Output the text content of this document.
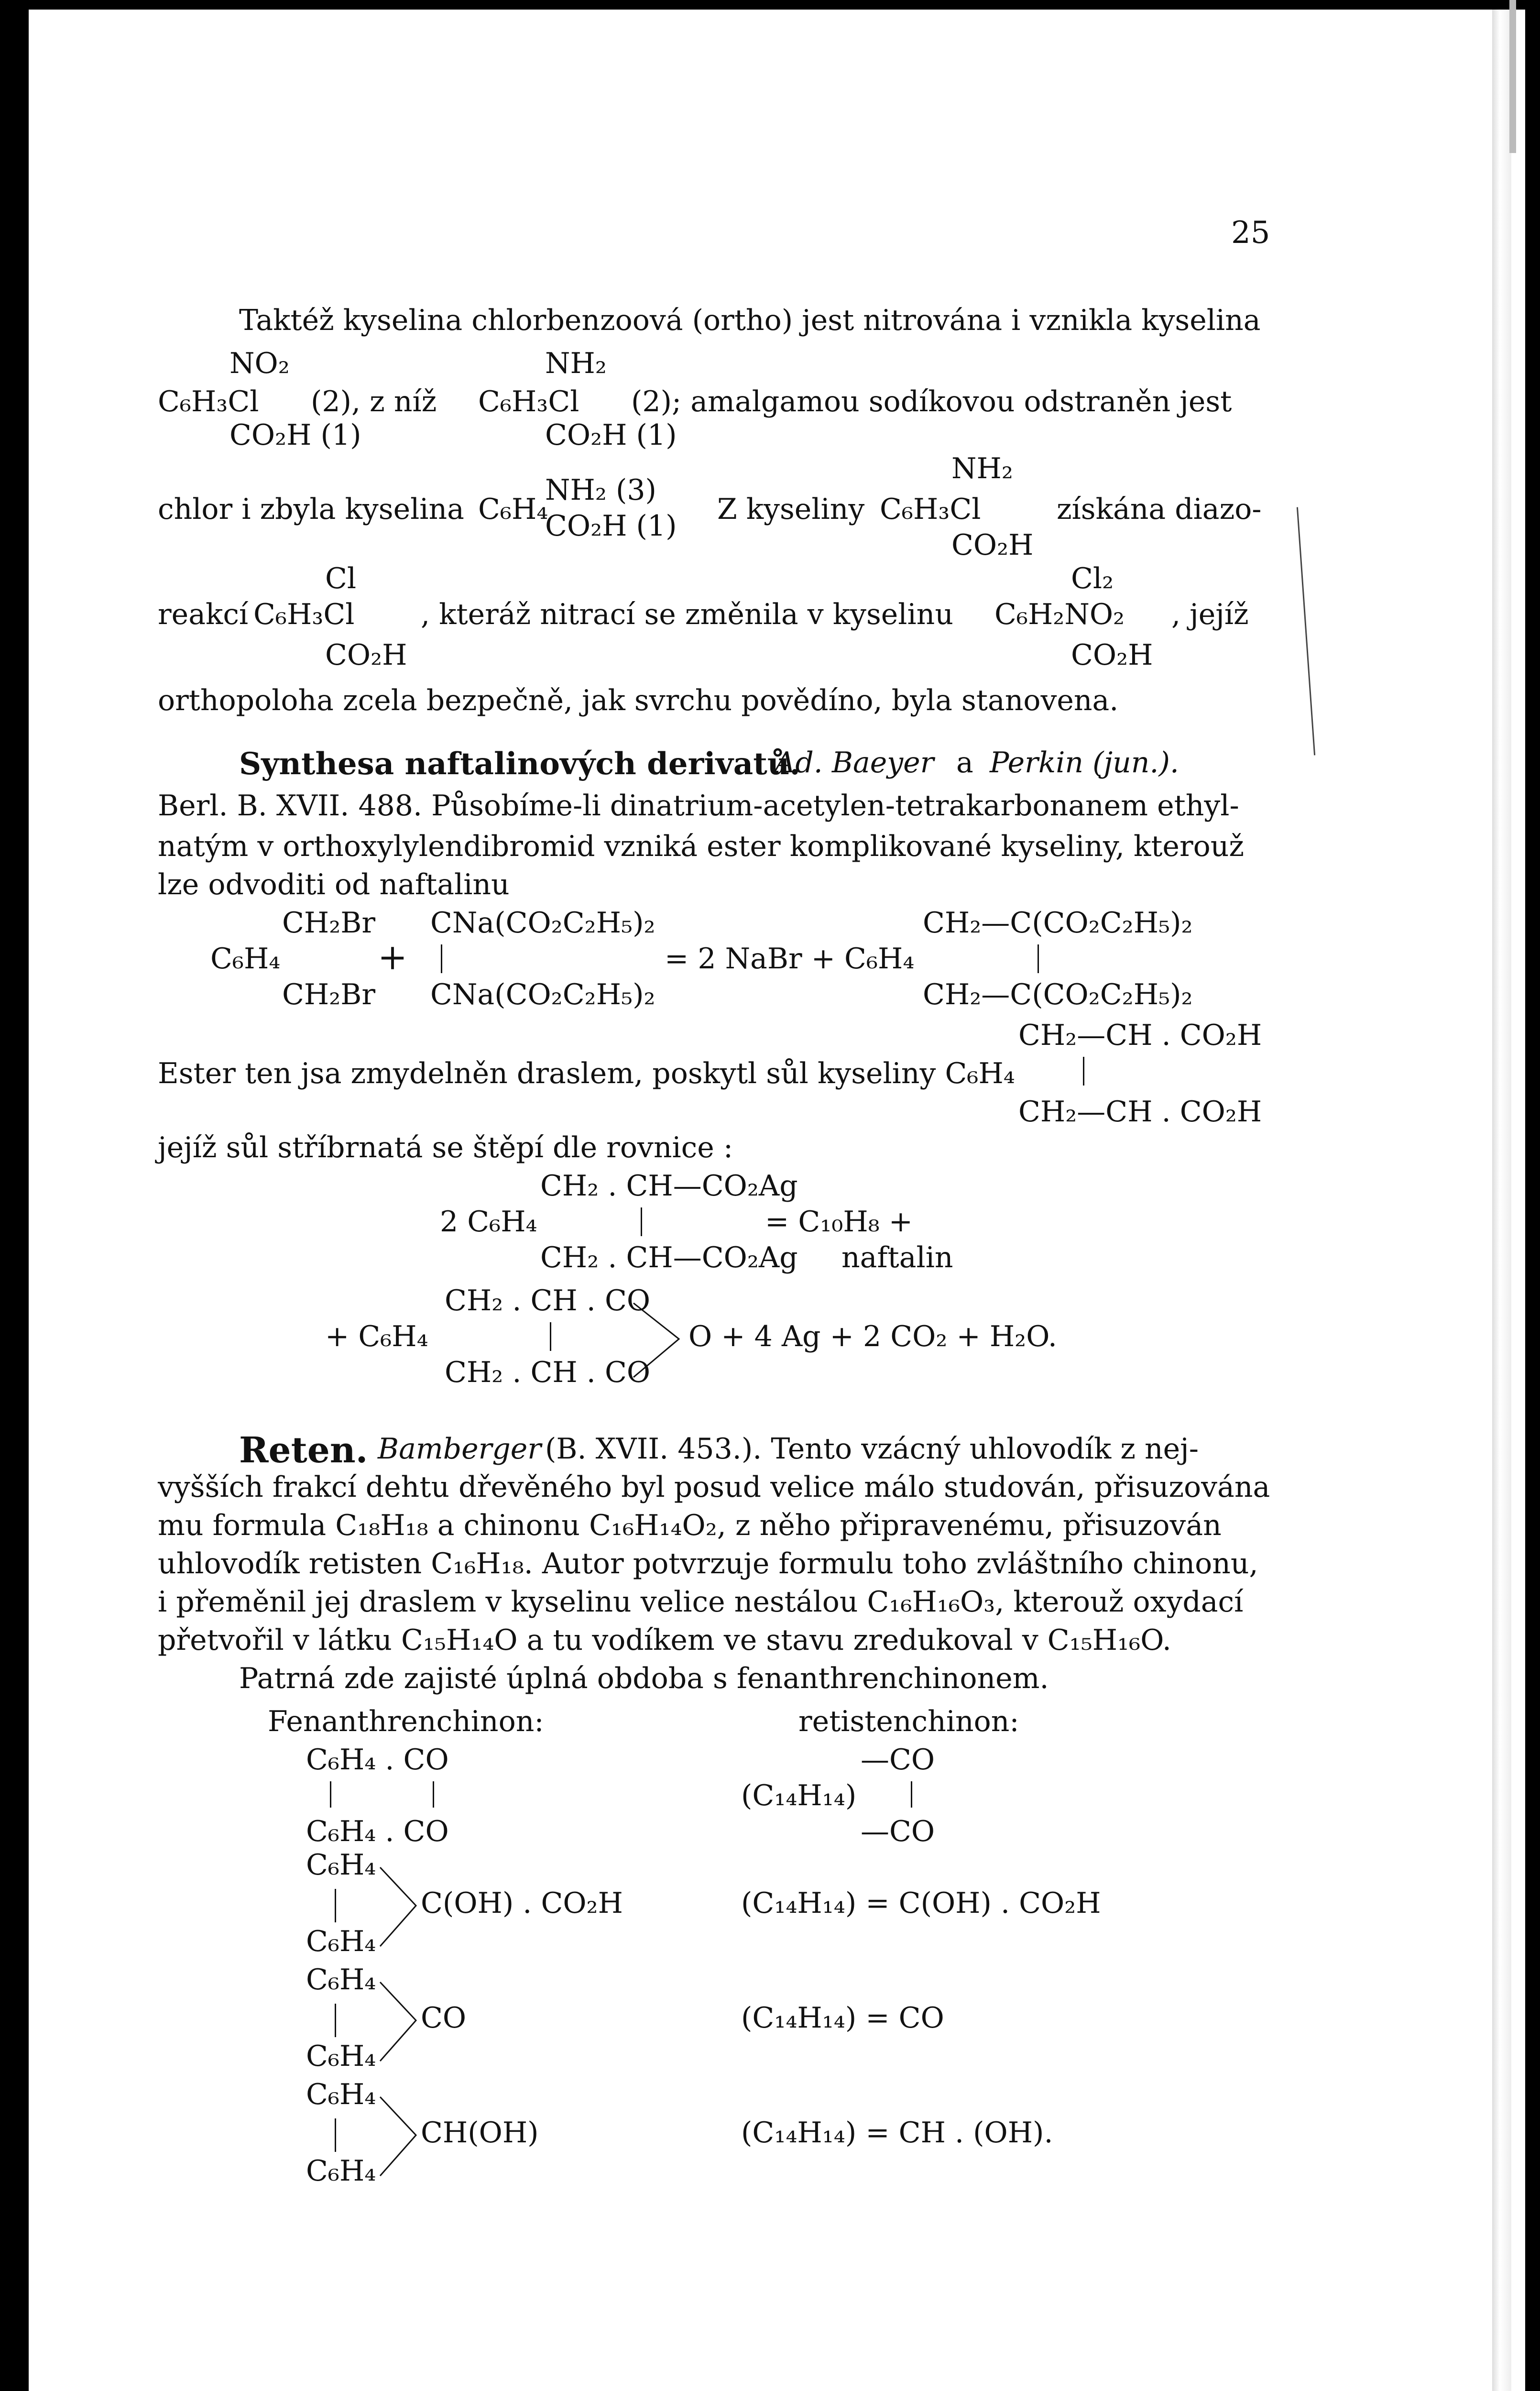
25
Taktéž kyselina chlorbenzoová (ortho) jest nitrována i vznikla kyselina
NO₂	NH₂
C₆H₃Cl (2), z níž C₆H₃Cl (2); amalgamou sodíkovou odstraněn jest
CO₂H (1)	CO₂H (1)
NH₂
NH₂ (3)
chlor i zbyla kyselina C₆H₄
CO₂H (1) Z kyseliny C₆H₃Cl	získána diazo-
CO₂H
Cl	Cl₂
reakcí C₆H₃Cl , kteráž nitrací se změnila v kyselinu C₆H₂NO₂ , jejíž
CO₂H	CO₂H
orthopoloha zcela bezpečně, jak svrchu povědíno, byla stanovena.
Synthesa naftalinových derivatů.
Ad. Baeyer a Perkin (jun.).
Berl. B. XVII. 488. Působíme-li dinatrium-acetylen-tetrakarbonanem ethyl-
natým v orthoxylylendibromid vzniká ester komplikované kyseliny, kterouž
lze odvoditi od naftalinu
CH₂Br CNa(CO₂C₂H₅)₂	CH₂—C(CO₂C₂H₅)₂
C₆H₄	+	= 2 NaBr + C₆H₄
CH₂Br CNa(CO₂C₂H₅)₂	CH₂—C(CO₂C₂H₅)₂
CH₂—CH . CO₂H
Ester ten jsa zmydelněn draslem, poskytl sůl kyseliny C₆H₄
CH₂—CH . CO₂H
jejíž sůl stříbrnatá se štěpí dle rovnice :
CH₂ . CH—CO₂Ag
2 C₆H₄	= C₁₀H₈ +
CH₂ . CH—CO₂Ag naftalin
CH₂ . CH . CO
+ C₆H₄	O + 4 Ag + 2 CO₂ + H₂O.
CH₂ . CH . CO
Reten. Bamberger (B. XVII. 453.). Tento vzácný uhlovodík z nej-
vyšších frakcí dehtu dřevěného byl posud velice málo studován, přisuzována
mu formula C₁₈H₁₈ a chinonu C₁₆H₁₄O₂, z něho připravenému, přisuzován
uhlovodík retisten C₁₆H₁₈. Autor potvrzuje formulu toho zvláštního chinonu,
i přeměnil jej draslem v kyselinu velice nestálou C₁₆H₁₆O₃, kterouž oxydací
přetvořil v látku C₁₅H₁₄O a tu vodíkem ve stavu zredukoval v C₁₅H₁₆O.
Patrná zde zajisté úplná obdoba s fenanthrenchinonem.
Fenanthrenchinon:	retistenchinon:
C₆H₄ . CO
C₆H₄ . CO
—CO
(C₁₄H₁₄)
—CO
C₆H₄
C(OH) . CO₂H
C₆H₄
(C₁₄H₁₄) = C(OH) . CO₂H
C₆H₄
CO
C₆H₄
(C₁₄H₁₄) = CO
C₆H₄
CH(OH)
C₆H₄
(C₁₄H₁₄) = CH . (OH).
